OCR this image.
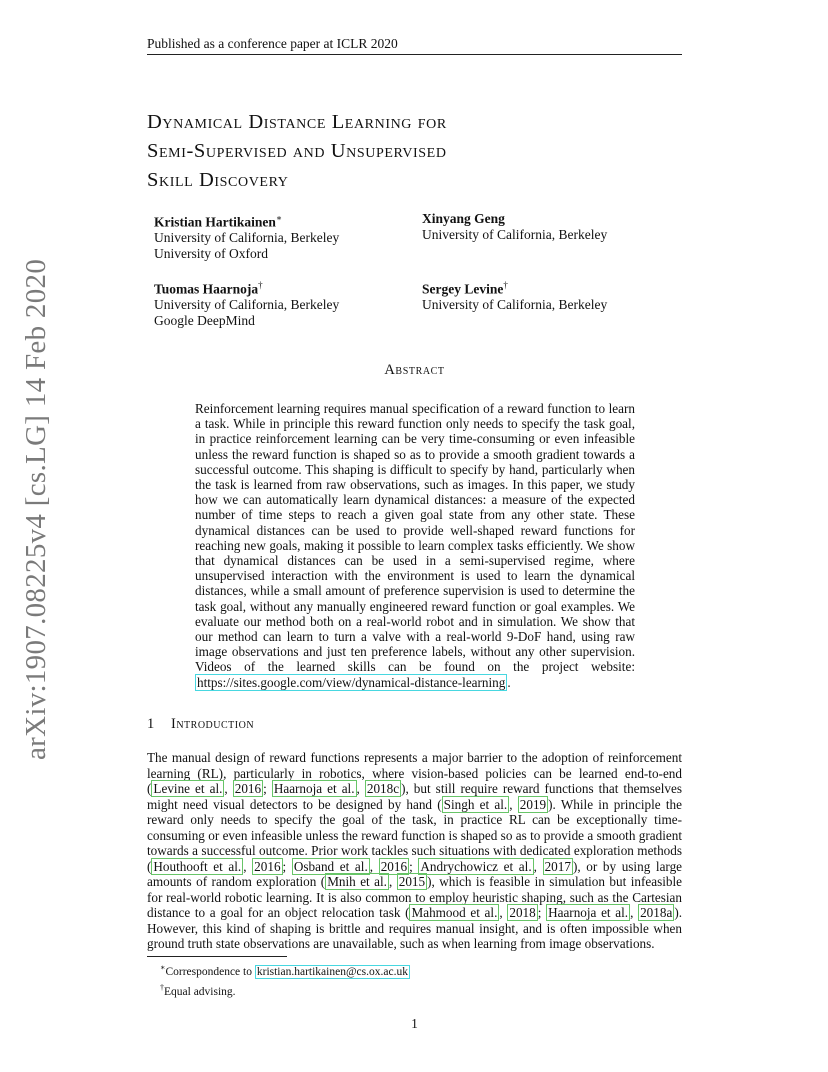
Published as a conference paper at ICLR 2020
arXiv:1907.08225v4 [cs.LG] 14 Feb 2020
Dynamical Distance Learning for
Semi-Supervised and Unsupervised
Skill Discovery
Kristian Hartikainen∗
University of California, Berkeley
University of Oxford
Xinyang Geng
University of California, Berkeley
Tuomas Haarnoja†
University of California, Berkeley
Google DeepMind
Sergey Levine†
University of California, Berkeley
Abstract
Reinforcement learning requires manual specification of a reward function to learn a task. While in principle this reward function only needs to specify the task goal, in practice reinforcement learning can be very time-consuming or even infeasible unless the reward function is shaped so as to provide a smooth gradient towards a successful outcome. This shaping is difficult to specify by hand, particularly when the task is learned from raw observations, such as images. In this paper, we study how we can automatically learn dynamical distances: a measure of the expected number of time steps to reach a given goal state from any other state. These dynamical distances can be used to provide well-shaped reward functions for reaching new goals, making it possible to learn complex tasks efficiently. We show that dynamical distances can be used in a semi-supervised regime, where unsupervised interaction with the environment is used to learn the dynamical distances, while a small amount of preference supervision is used to determine the task goal, without any manually engineered reward function or goal examples. We evaluate our method both on a real-world robot and in simulation. We show that our method can learn to turn a valve with a real-world 9-DoF hand, using raw image observations and just ten preference labels, without any other supervision. Videos of the learned skills can be found on the project website: https://sites.google.com/view/dynamical-distance-learning .
1 Introduction
The manual design of reward functions represents a major barrier to the adoption of reinforcement learning (RL), particularly in robotics, where vision-based policies can be learned end-to-end ( Levine et al. , 2016 ; Haarnoja et al. , 2018c ), but still require reward functions that themselves might need visual detectors to be designed by hand ( Singh et al. , 2019 ). While in principle the reward only needs to specify the goal of the task, in practice RL can be exceptionally time-consuming or even infeasible unless the reward function is shaped so as to provide a smooth gradient towards a successful outcome. Prior work tackles such situations with dedicated exploration methods ( Houthooft et al. , 2016 ; Osband et al. , 2016 ; Andrychowicz et al. , 2017 ), or by using large amounts of random exploration ( Mnih et al. , 2015 ), which is feasible in simulation but infeasible for real-world robotic learning. It is also common to employ heuristic shaping, such as the Cartesian distance to a goal for an object relocation task ( Mahmood et al. , 2018 ; Haarnoja et al. , 2018a ). However, this kind of shaping is brittle and requires manual insight, and is often impossible when ground truth state observations are unavailable, such as when learning from image observations.
∗Correspondence to kristian.hartikainen@cs.ox.ac.uk
†Equal advising.
1
